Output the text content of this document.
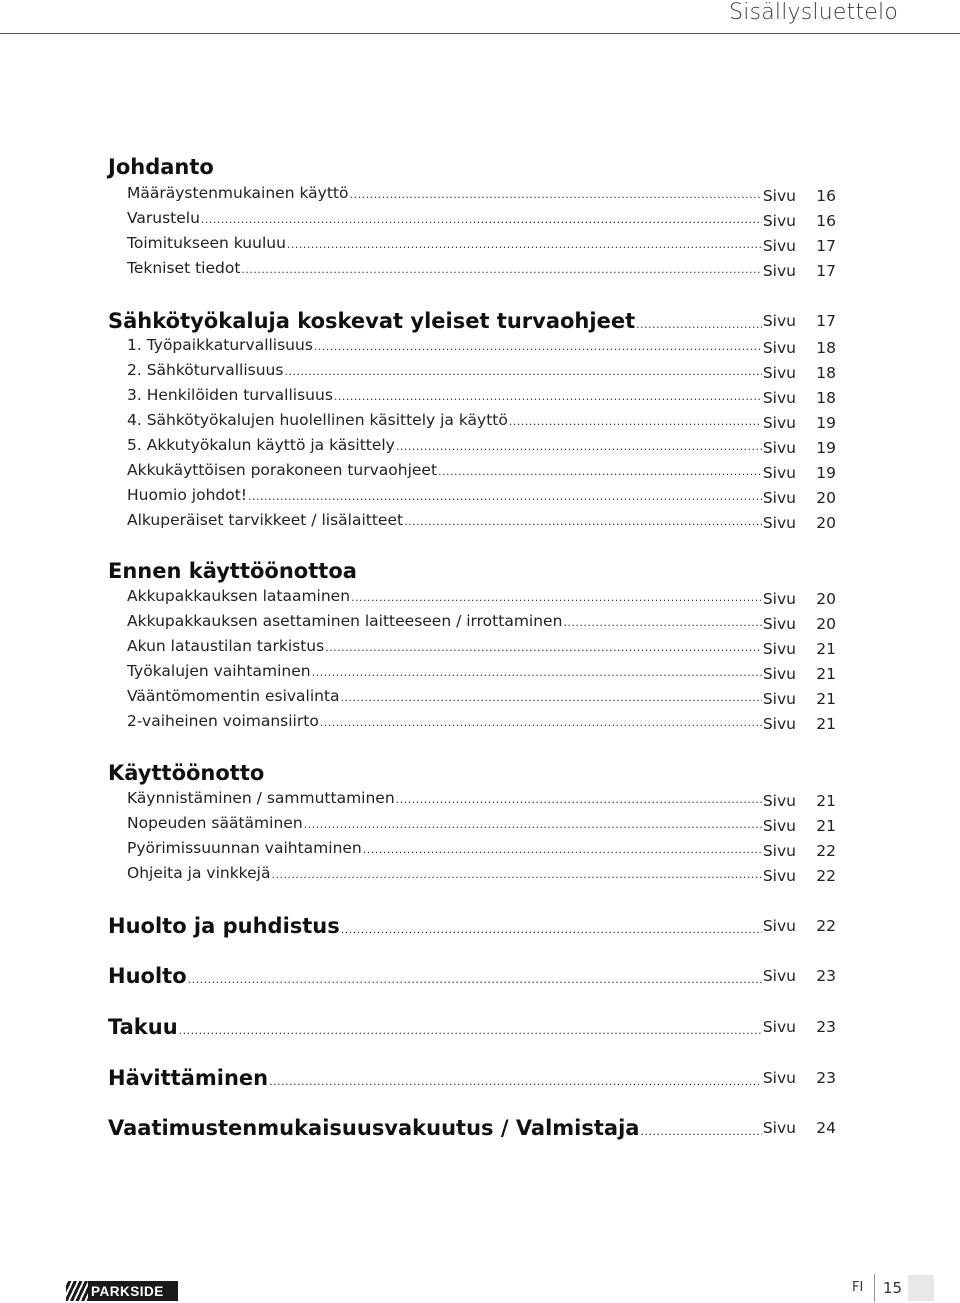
Sisällysluettelo
Johdanto
Ennen käyttöönottoa
Käyttöönotto
Määräystenmukainen käyttö .....	Sivu	16
Varustelu .....	Sivu	16
Toimitukseen kuuluu .....	Sivu	17
Tekniset tiedot .....	Sivu	17
Sähkötyökaluja koskevat yleiset turvaohjeet .....	Sivu	17
1. Työpaikkaturvallisuus .....	Sivu	18
2. Sähköturvallisuus .....	Sivu	18
3. Henkilöiden turvallisuus .....	Sivu	18
4. Sähkötyökalujen huolellinen käsittely ja käyttö .....	Sivu	19
5. Akkutyökalun käyttö ja käsittely .....	Sivu	19
Akkukäyttöisen porakoneen turvaohjeet .....	Sivu	19
Huomio johdot! .....	Sivu	20
Alkuperäiset tarvikkeet / lisälaitteet .....	Sivu	20
Akkupakkauksen lataaminen .....	Sivu	20
Akkupakkauksen asettaminen laitteeseen / irrottaminen .....	Sivu	20
Akun lataustilan tarkistus .....	Sivu	21
Työkalujen vaihtaminen .....	Sivu	21
Vääntömomentin esivalinta .....	Sivu	21
2-vaiheinen voimansiirto .....	Sivu	21
Käynnistäminen / sammuttaminen .....	Sivu	21
Nopeuden säätäminen .....	Sivu	21
Pyörimissuunnan vaihtaminen .....	Sivu	22
Ohjeita ja vinkkejä .....	Sivu	22
Huolto ja puhdistus .....	Sivu	22
Huolto .....	Sivu	23
Takuu .....	Sivu	23
Hävittäminen .....	Sivu	23
Vaatimustenmukaisuusvakuutus / Valmistaja .....	Sivu	24
PARKSIDE	FI 15
